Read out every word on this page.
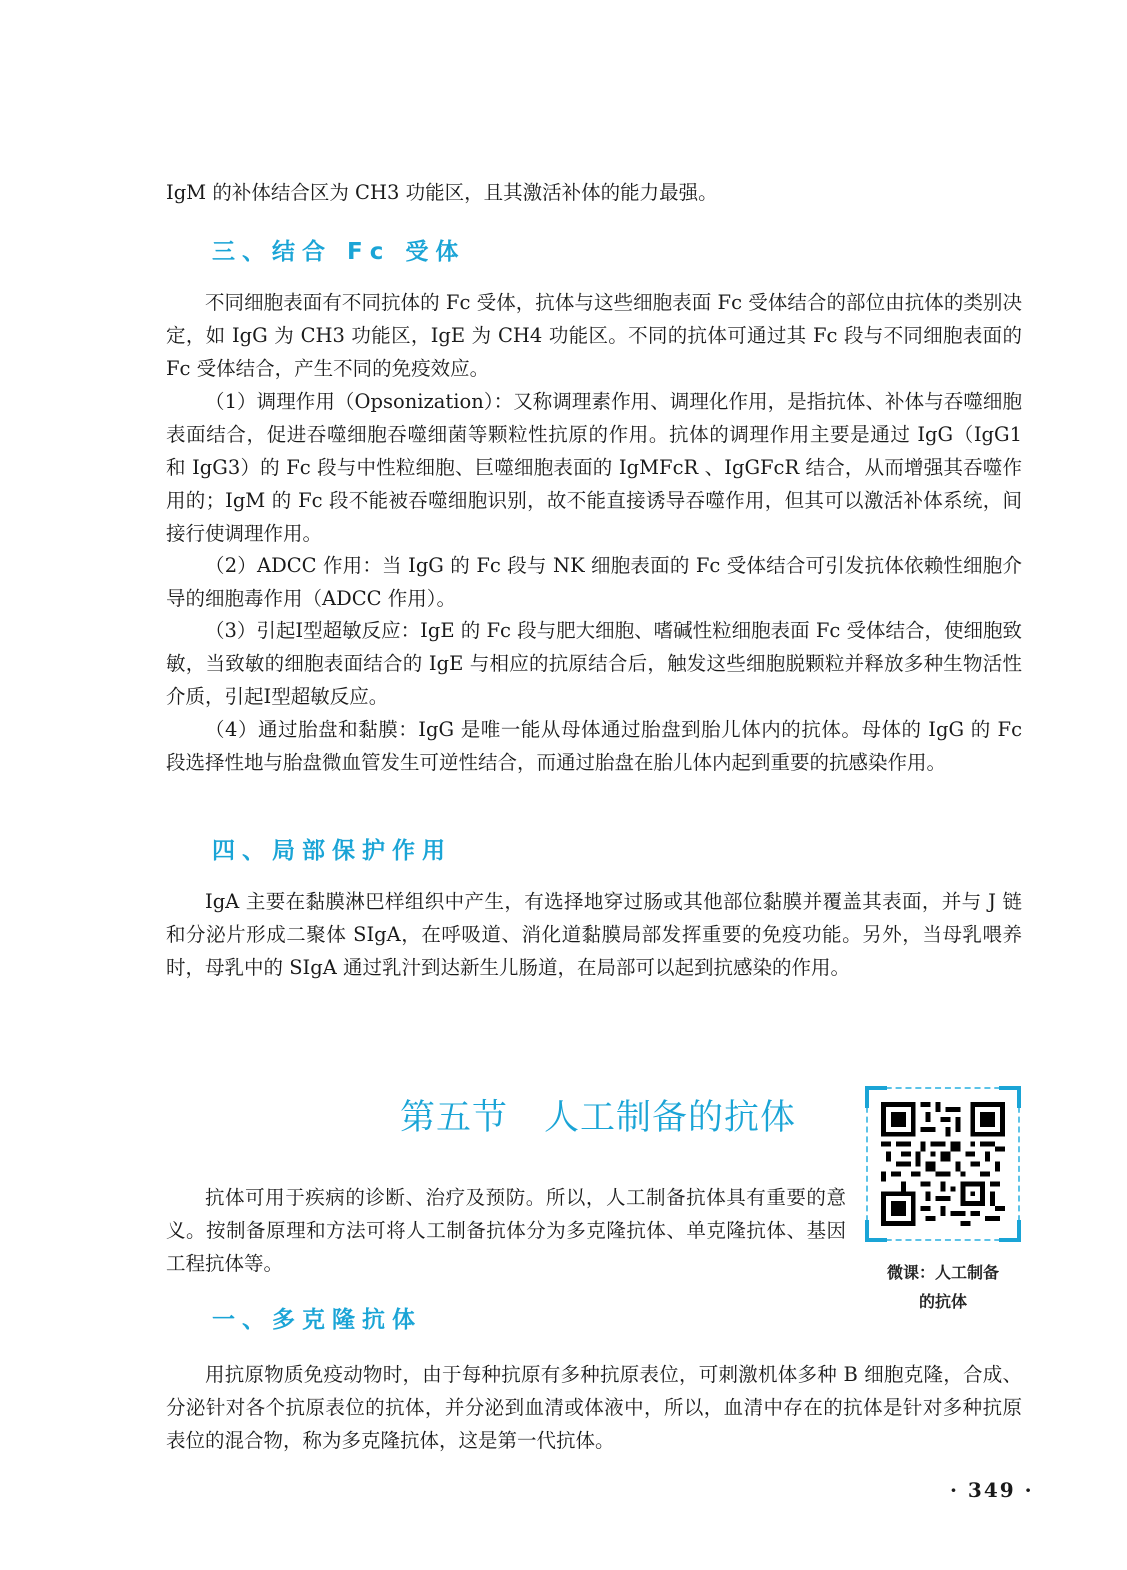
IgM 的补体结合区为 CH3 功能区，且其激活补体的能力最强。

三、结合 Fc 受体

不同细胞表面有不同抗体的 Fc 受体，抗体与这些细胞表面 Fc 受体结合的部位由抗体的类别决定，如 IgG 为 CH3 功能区，IgE 为 CH4 功能区。不同的抗体可通过其 Fc 段与不同细胞表面的 Fc 受体结合，产生不同的免疫效应。

（1）调理作用（Opsonization）：又称调理素作用、调理化作用，是指抗体、补体与吞噬细胞表面结合，促进吞噬细胞吞噬细菌等颗粒性抗原的作用。抗体的调理作用主要是通过 IgG（IgG1 和 IgG3）的 Fc 段与中性粒细胞、巨噬细胞表面的 IgMFcR 、IgGFcR 结合，从而增强其吞噬作用的；IgM 的 Fc 段不能被吞噬细胞识别，故不能直接诱导吞噬作用，但其可以激活补体系统，间接行使调理作用。

（2）ADCC 作用：当 IgG 的 Fc 段与 NK 细胞表面的 Fc 受体结合可引发抗体依赖性细胞介导的细胞毒作用（ADCC 作用）。

（3）引起Ⅰ型超敏反应：IgE 的 Fc 段与肥大细胞、嗜碱性粒细胞表面 Fc 受体结合，使细胞致敏，当致敏的细胞表面结合的 IgE 与相应的抗原结合后，触发这些细胞脱颗粒并释放多种生物活性介质，引起Ⅰ型超敏反应。

（4）通过胎盘和黏膜：IgG 是唯一能从母体通过胎盘到胎儿体内的抗体。母体的 IgG 的 Fc 段选择性地与胎盘微血管发生可逆性结合，而通过胎盘在胎儿体内起到重要的抗感染作用。

四、局部保护作用

IgA 主要在黏膜淋巴样组织中产生，有选择地穿过肠或其他部位黏膜并覆盖其表面，并与 J 链和分泌片形成二聚体 SIgA，在呼吸道、消化道黏膜局部发挥重要的免疫功能。另外，当母乳喂养时，母乳中的 SIgA 通过乳汁到达新生儿肠道，在局部可以起到抗感染的作用。

第五节　人工制备的抗体

微课：人工制备
的抗体

抗体可用于疾病的诊断、治疗及预防。所以，人工制备抗体具有重要的意义。按制备原理和方法可将人工制备抗体分为多克隆抗体、单克隆抗体、基因工程抗体等。

一、多克隆抗体

用抗原物质免疫动物时，由于每种抗原有多种抗原表位，可刺激机体多种 B 细胞克隆，合成、分泌针对各个抗原表位的抗体，并分泌到血清或体液中，所以，血清中存在的抗体是针对多种抗原表位的混合物，称为多克隆抗体，这是第一代抗体。

· 349 ·
